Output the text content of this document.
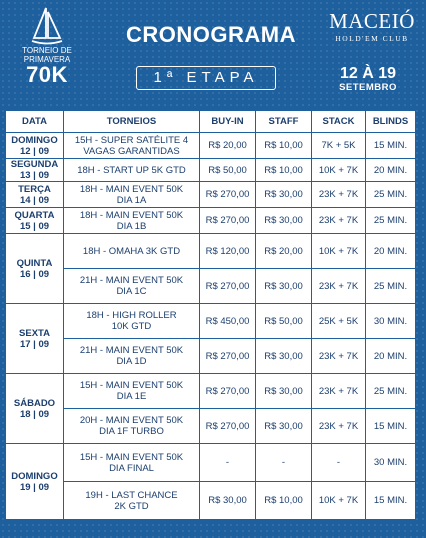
TORNEIO DE
PRIMAVERA
70K
CRONOGRAMA
MACEIÓ
HOLD'EM CLUB
1ª ETAPA	12 À 19
SETEMBRO
DATA	TORNEIOS	BUY-IN	STAFF	STACK	BLINDS
DOMINGO
12 | 09	15H - SUPER SATÉLITE 4
VAGAS GARANTIDAS	R$ 20,00	R$ 10,00	7K + 5K	15 MIN.
SEGUNDA
13 | 09	18H - START UP 5K GTD	R$ 50,00	R$ 10,00	10K + 7K	20 MIN.
TERÇA
14 | 09	18H - MAIN EVENT 50K
DIA 1A	R$ 270,00	R$ 30,00	23K + 7K	25 MIN.
QUARTA
15 | 09	18H - MAIN EVENT 50K
DIA 1B	R$ 270,00	R$ 30,00	23K + 7K	25 MIN.
QUINTA
16 | 09	18H - OMAHA 3K GTD	R$ 120,00	R$ 20,00	10K + 7K	20 MIN.
	21H - MAIN EVENT 50K
DIA 1C	R$ 270,00	R$ 30,00	23K + 7K	25 MIN.
SEXTA
17 | 09	18H - HIGH ROLLER
10K GTD	R$ 450,00	R$ 50,00	25K + 5K	30 MIN.
	21H - MAIN EVENT 50K
DIA 1D	R$ 270,00	R$ 30,00	23K + 7K	20 MIN.
SÁBADO
18 | 09	15H - MAIN EVENT 50K
DIA 1E	R$ 270,00	R$ 30,00	23K + 7K	25 MIN.
	20H - MAIN EVENT 50K
DIA 1F TURBO	R$ 270,00	R$ 30,00	23K + 7K	15 MIN.
DOMINGO
19 | 09	15H - MAIN EVENT 50K
DIA FINAL	-	-	-	30 MIN.
	19H - LAST CHANCE
2K GTD	R$ 30,00	R$ 10,00	10K + 7K	15 MIN.
